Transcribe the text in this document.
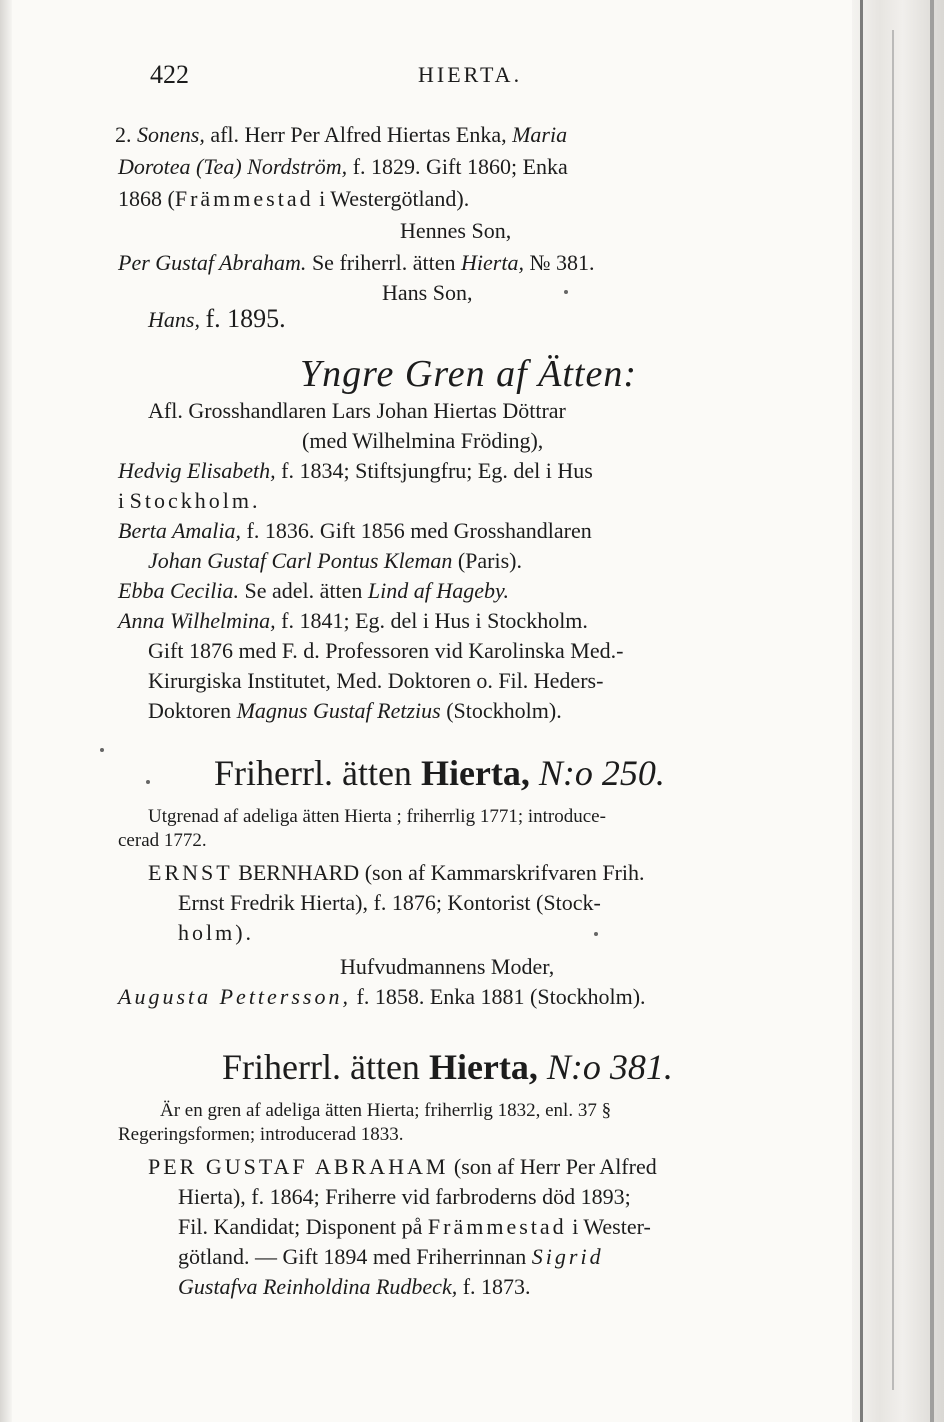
422	HIERTA.
2. Sonens, afl. Herr Per Alfred Hiertas Enka, Maria
Dorotea (Tea) Nordström, f. 1829. Gift 1860; Enka
1868 (Främmestad i Westergötland).
Hennes Son,
Per Gustaf Abraham. Se friherrl. ätten Hierta, № 381.
Hans Son,
Hans, f. 1895.
Yngre Gren af Ätten:
Afl. Grosshandlaren Lars Johan Hiertas Döttrar
(med Wilhelmina Fröding),
Hedvig Elisabeth, f. 1834; Stiftsjungfru; Eg. del i Hus
i Stockholm.
Berta Amalia, f. 1836. Gift 1856 med Grosshandlaren
Johan Gustaf Carl Pontus Kleman (Paris).
Ebba Cecilia. Se adel. ätten Lind af Hageby.
Anna Wilhelmina, f. 1841; Eg. del i Hus i Stockholm.
Gift 1876 med F. d. Professoren vid Karolinska Med.-
Kirurgiska Institutet, Med. Doktoren o. Fil. Heders-
Doktoren Magnus Gustaf Retzius (Stockholm).
Friherrl. ätten Hierta, N:o 250.
Utgrenad af adeliga ätten Hierta ; friherrlig 1771; introduce-
cerad 1772.
ERNST BERNHARD (son af Kammarskrifvaren Frih.
Ernst Fredrik Hierta), f. 1876; Kontorist (Stock-
holm).
Hufvudmannens Moder,
Augusta Pettersson, f. 1858. Enka 1881 (Stockholm).
Friherrl. ätten Hierta, N:o 381.
Är en gren af adeliga ätten Hierta; friherrlig 1832, enl. 37 §
Regeringsformen; introducerad 1833.
PER GUSTAF ABRAHAM (son af Herr Per Alfred
Hierta), f. 1864; Friherre vid farbroderns död 1893;
Fil. Kandidat; Disponent på Främmestad i Wester-
götland. — Gift 1894 med Friherrinnan Sigrid
Gustafva Reinholdina Rudbeck, f. 1873.
